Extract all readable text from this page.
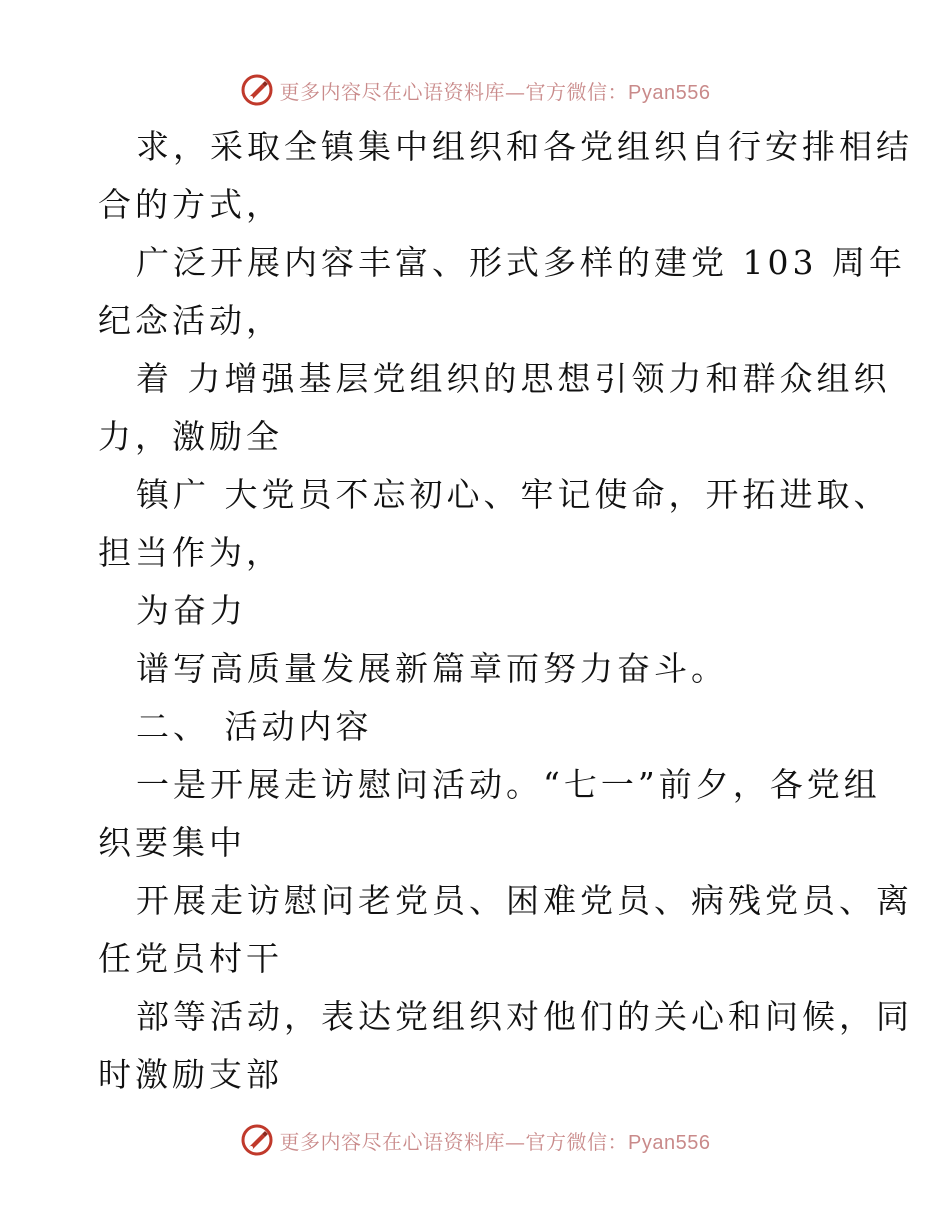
更多内容尽在心语资料库—官方微信：Pyan556
求，采取全镇集中组织和各党组织自行安排相结
合的方式，
广泛开展内容丰富、形式多样的建党 103 周年
纪念活动，
着 力增强基层党组织的思想引领力和群众组织
力，激励全
镇广 大党员不忘初心、牢记使命，开拓进取、
担当作为，
为奋力
谱写高质量发展新篇章而努力奋斗。
二、 活动内容
一是开展走访慰问活动。“七一”前夕，各党组
织要集中
开展走访慰问老党员、困难党员、病残党员、离
任党员村干
部等活动，表达党组织对他们的关心和问候，同
时激励支部
更多内容尽在心语资料库—官方微信：Pyan556
